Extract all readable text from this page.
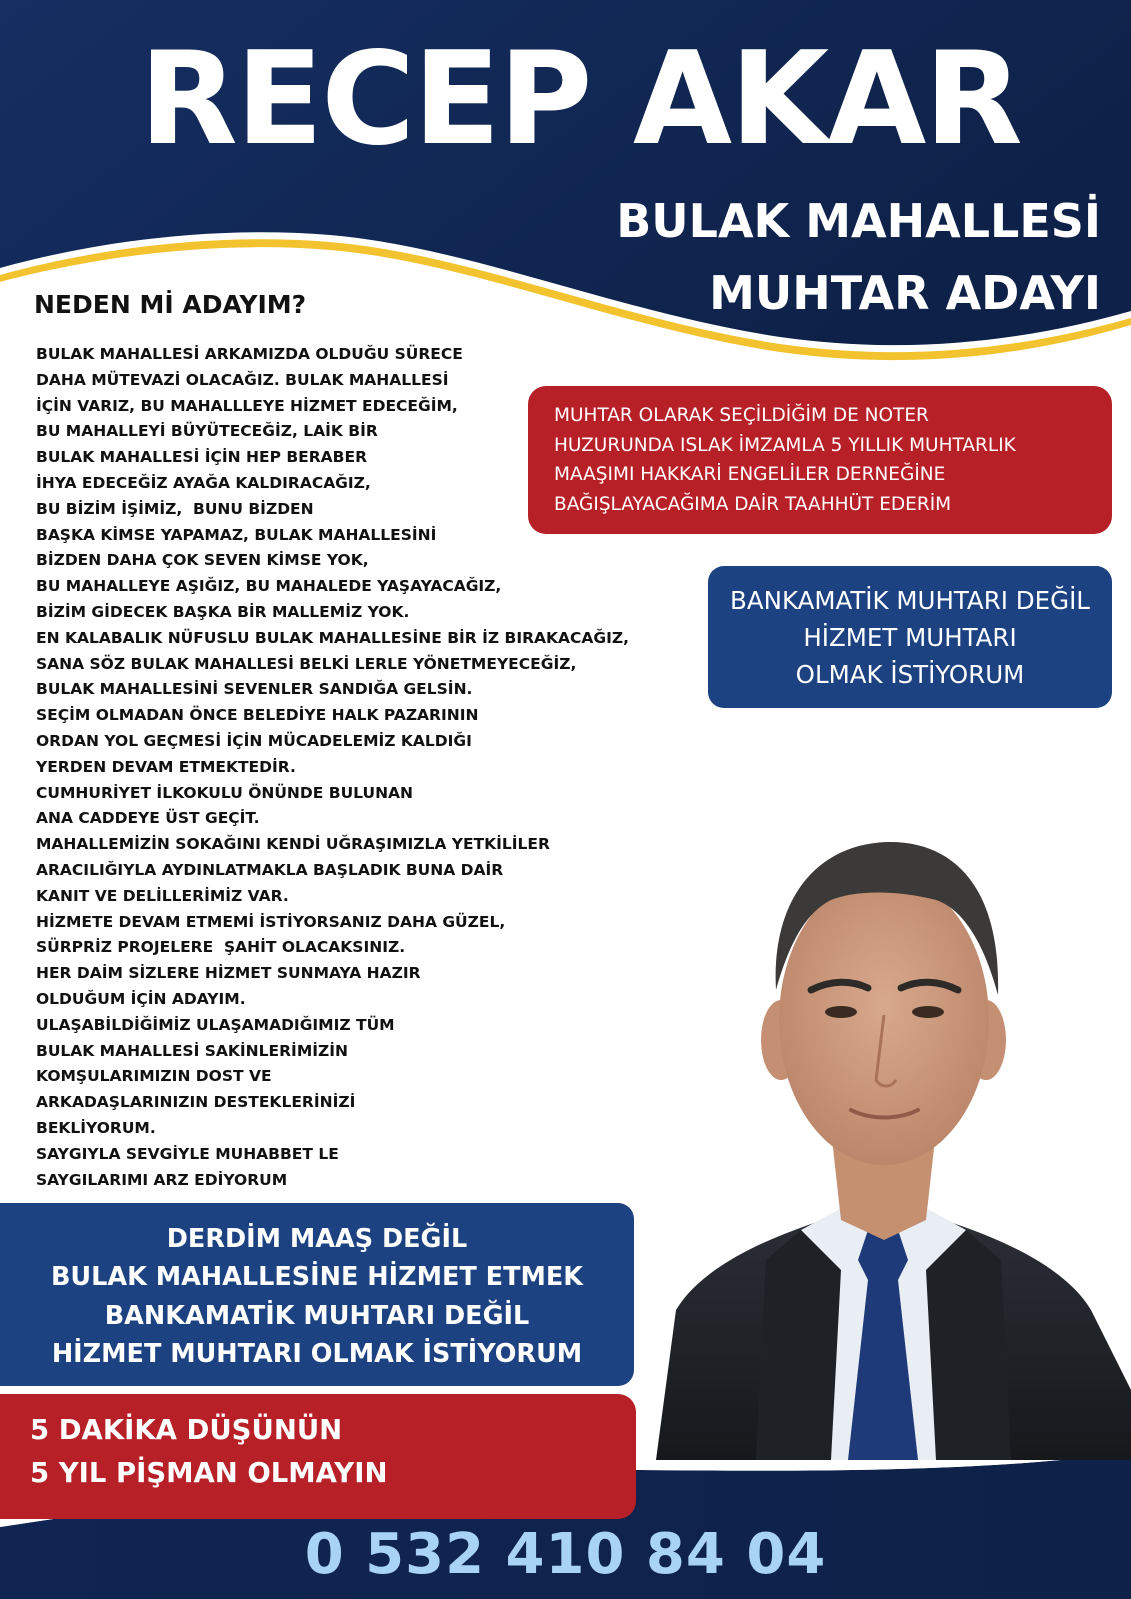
RECEP AKAR

BULAK MAHALLESİ

MUHTAR ADAYI

NEDEN Mİ ADAYIM?
BULAK MAHALLESİ ARKAMIZDA OLDUĞU SÜRECE
DAHA MÜTEVAZİ OLACAĞIZ. BULAK MAHALLESİ
İÇİN VARIZ, BU MAHALLLEYE HİZMET EDECEĞİM,
BU MAHALLEYİ BÜYÜTECEĞİZ, LAİK BİR
BULAK MAHALLESİ İÇİN HEP BERABER
İHYA EDECEĞİZ AYAĞA KALDIRACAĞIZ,
BU BİZİM İŞİMİZ,  BUNU BİZDEN
BAŞKA KİMSE YAPAMAZ, BULAK MAHALLESİNİ
BİZDEN DAHA ÇOK SEVEN KİMSE YOK,
BU MAHALLEYE AŞIĞIZ, BU MAHALEDE YAŞAYACAĞIZ,
BİZİM GİDECEK BAŞKA BİR MALLEMİZ YOK.
EN KALABALIK NÜFUSLU BULAK MAHALLESİNE BİR İZ BIRAKACAĞIZ,
SANA SÖZ BULAK MAHALLESİ BELKİ LERLE YÖNETMEYECEĞİZ,
BULAK MAHALLESİNİ SEVENLER SANDIĞA GELSİN.
SEÇİM OLMADAN ÖNCE BELEDİYE HALK PAZARININ
ORDAN YOL GEÇMESİ İÇİN MÜCADELEMİZ KALDIĞI
YERDEN DEVAM ETMEKTEDİR.
CUMHURİYET İLKOKULU ÖNÜNDE BULUNAN
ANA CADDEYE ÜST GEÇİT.
MAHALLEMİZİN SOKAĞINI KENDİ UĞRAŞIMIZLA YETKİLİLER
ARACILIĞIYLA AYDINLATMAKLA BAŞLADIK BUNA DAİR
KANIT VE DELİLLERİMİZ VAR.
HİZMETE DEVAM ETMEMİ İSTİYORSANIZ DAHA GÜZEL,
SÜRPRİZ PROJELERE  ŞAHİT OLACAKSINIZ.
HER DAİM SİZLERE HİZMET SUNMAYA HAZIR
OLDUĞUM İÇİN ADAYIM.
ULAŞABİLDİĞİMİZ ULAŞAMADIĞIMIZ TÜM
BULAK MAHALLESİ SAKİNLERİMİZİN
KOMŞULARIMIZIN DOST VE
ARKADAŞLARINIZIN DESTEKLERİNİZİ
BEKLİYORUM.
SAYGIYLA SEVGİYLE MUHABBET LE
SAYGILARIMI ARZ EDİYORUM
MUHTAR OLARAK SEÇİLDİĞİM DE NOTER
HUZURUNDA ISLAK İMZAMLA 5 YILLIK MUHTARLIK
MAAŞIMI HAKKARİ ENGELİLER DERNEĞİNE
BAĞIŞLAYACAĞIMA DAİR TAAHHÜT EDERİM
BANKAMATİK MUHTARI DEĞİL
HİZMET MUHTARI
OLMAK İSTİYORUM
DERDİM MAAŞ DEĞİL
BULAK MAHALLESİNE HİZMET ETMEK
BANKAMATİK MUHTARI DEĞİL
HİZMET MUHTARI OLMAK İSTİYORUM
5 DAKİKA DÜŞÜNÜN
5 YIL PİŞMAN OLMAYIN
0 532 410 84 04
